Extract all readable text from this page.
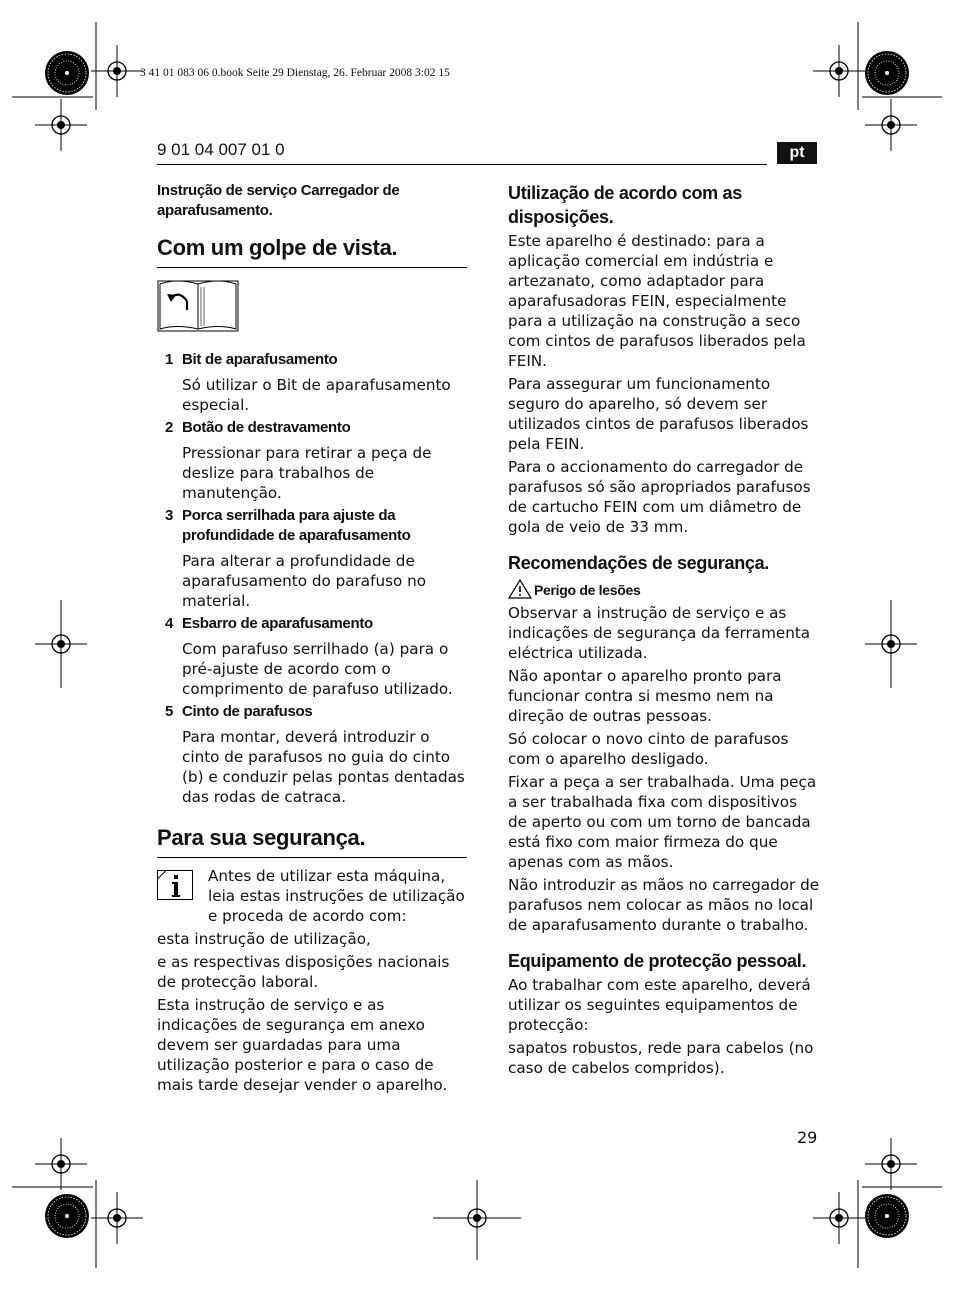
3 41 01 083 06 0.book Seite 29 Dienstag, 26. Februar 2008 3:02 15
9 01 04 007 01 0	pt
Instrução de serviço Carregador de aparafusamento.
Com um golpe de vista.
1 Bit de aparafusamento

Só utilizar o Bit de aparafusamento especial.

2 Botão de destravamento

Pressionar para retirar a peça de deslize para trabalhos de manutenção.

3 Porca serrilhada para ajuste da profundidade de aparafusamento

Para alterar a profundidade de aparafusamento do parafuso no material.

4 Esbarro de aparafusamento

Com parafuso serrilhado (a) para o pré-ajuste de acordo com o comprimento de parafuso utilizado.

5 Cinto de parafusos

Para montar, deverá introduzir o cinto de parafusos no guia do cinto (b) e conduzir pelas pontas dentadas das rodas de catraca.

Para sua segurança.

Antes de utilizar esta máquina, leia estas instruções de utilização e proceda de acordo com:

esta instrução de utilização,

e as respectivas disposições nacionais de protecção laboral.

Esta instrução de serviço e as indicações de segurança em anexo devem ser guardadas para uma utilização posterior e para o caso de mais tarde desejar vender o aparelho.

Utilização de acordo com as disposições.

Este aparelho é destinado: para a aplicação comercial em indústria e artezanato, como adaptador para aparafusadoras FEIN, especialmente para a utilização na construção a seco com cintos de parafusos liberados pela FEIN.

Para assegurar um funcionamento seguro do aparelho, só devem ser utilizados cintos de parafusos liberados pela FEIN.

Para o accionamento do carregador de parafusos só são apropriados parafusos de cartucho FEIN com um diâmetro de gola de veio de 33 mm.

Recomendações de segurança.
Perigo de lesões

Observar a instrução de serviço e as indicações de segurança da ferramenta eléctrica utilizada.

Não apontar o aparelho pronto para funcionar contra si mesmo nem na direção de outras pessoas.

Só colocar o novo cinto de parafusos com o aparelho desligado.

Fixar a peça a ser trabalhada. Uma peça a ser trabalhada fixa com dispositivos de aperto ou com um torno de bancada está fixo com maior firmeza do que apenas com as mãos.

Não introduzir as mãos no carregador de parafusos nem colocar as mãos no local de aparafusamento durante o trabalho.

Equipamento de protecção pessoal.

Ao trabalhar com este aparelho, deverá utilizar os seguintes equipamentos de protecção:

sapatos robustos, rede para cabelos (no caso de cabelos compridos).

29
